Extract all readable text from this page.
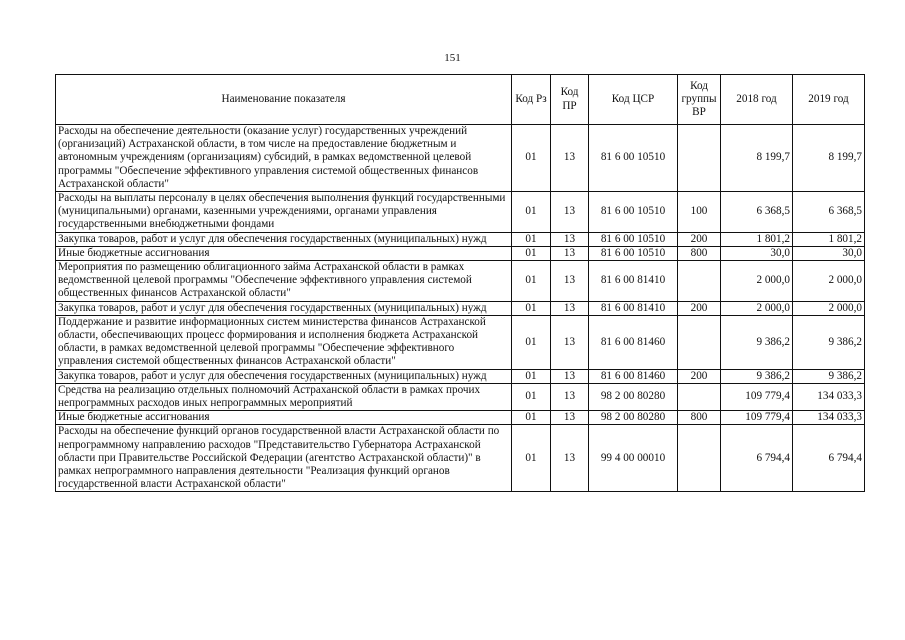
151
Наименование показателя	Код Рз	Код ПР	Код ЦСР	Код группы ВР	2018 год	2019 год
Расходы на обеспечение деятельности (оказание услуг) государственных учреждений (организаций) Астраханской области, в том числе на предоставление бюджетным и автономным учреждениям (организациям) субсидий, в рамках ведомственной целевой программы "Обеспечение эффективного управления системой общественных финансов Астраханской области"	01	13	81 6 00 10510		8 199,7	8 199,7
Расходы на выплаты персоналу в целях обеспечения выполнения функций государственными (муниципальными) органами, казенными учреждениями, органами управления государственными внебюджетными фондами	01	13	81 6 00 10510	100	6 368,5	6 368,5
Закупка товаров, работ и услуг для обеспечения государственных (муниципальных) нужд	01	13	81 6 00 10510	200	1 801,2	1 801,2
Иные бюджетные ассигнования	01	13	81 6 00 10510	800	30,0	30,0
Мероприятия по размещению облигационного займа Астраханской области в рамках ведомственной целевой программы "Обеспечение эффективного управления системой общественных финансов Астраханской области"	01	13	81 6 00 81410		2 000,0	2 000,0
Закупка товаров, работ и услуг для обеспечения государственных (муниципальных) нужд	01	13	81 6 00 81410	200	2 000,0	2 000,0
Поддержание и развитие информационных систем министерства финансов Астраханской области, обеспечивающих процесс формирования и исполнения бюджета Астраханской области, в рамках ведомственной целевой программы "Обеспечение эффективного управления системой общественных финансов Астраханской области"	01	13	81 6 00 81460		9 386,2	9 386,2
Закупка товаров, работ и услуг для обеспечения государственных (муниципальных) нужд	01	13	81 6 00 81460	200	9 386,2	9 386,2
Средства на реализацию отдельных полномочий Астраханской области в рамках прочих непрограммных расходов иных непрограммных мероприятий	01	13	98 2 00 80280		109 779,4	134 033,3
Иные бюджетные ассигнования	01	13	98 2 00 80280	800	109 779,4	134 033,3
Расходы на обеспечение функций органов государственной власти Астраханской области по непрограммному направлению расходов "Представительство Губернатора Астраханской области при Правительстве Российской Федерации (агентство Астраханской области)" в рамках непрограммного направления деятельности "Реализация функций органов государственной власти Астраханской области"	01	13	99 4 00 00010		6 794,4	6 794,4
